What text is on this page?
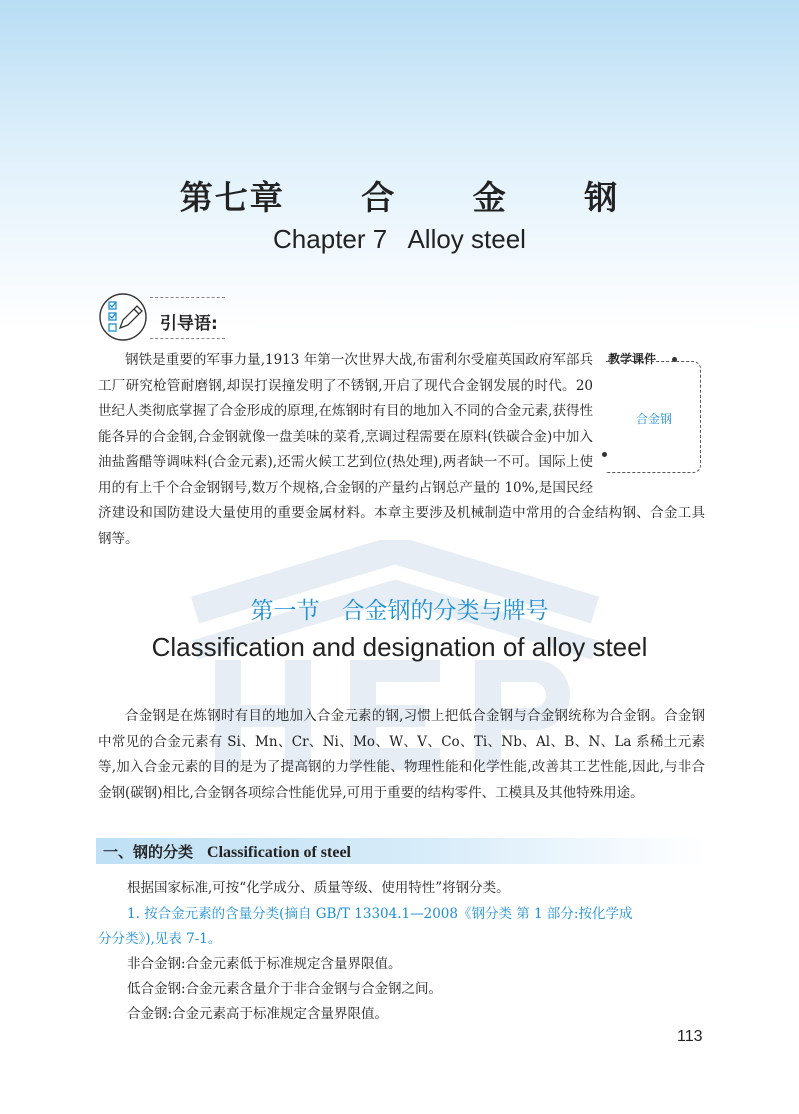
第七章   合   金   钢
Chapter 7   Alloy steel
引导语:

钢铁是重要的军事力量,1913 年第一次世界大战,布雷利尔受雇英国政府军部兵工厂研究枪管耐磨钢,却误打误撞发明了不锈钢,开启了现代合金钢发展的时代。20 世纪人类彻底掌握了合金形成的原理,在炼钢时有目的地加入不同的合金元素,获得性能各异的合金钢,合金钢就像一盘美味的菜肴,烹调过程需要在原料(铁碳合金)中加入油盐酱醋等调味料(合金元素),还需火候工艺到位(热处理),两者缺一不可。国际上使用的有上千个合金钢钢号,数万个规格,合金钢的产量约占钢总产量的 10%,是国民经济建设和国防建设大量使用的重要金属材料。本章主要涉及机械制造中常用的合金结构钢、合金工具钢等。

教学课件
合金钢
第一节   合金钢的分类与牌号
Classification and designation of alloy steel

合金钢是在炼钢时有目的地加入合金元素的钢,习惯上把低合金钢与合金钢统称为合金钢。合金钢中常见的合金元素有 Si、Mn、Cr、Ni、Mo、W、V、Co、Ti、Nb、Al、B、N、La 系稀土元素等,加入合金元素的目的是为了提高钢的力学性能、物理性能和化学性能,改善其工艺性能,因此,与非合金钢(碳钢)相比,合金钢各项综合性能优异,可用于重要的结构零件、工模具及其他特殊用途。

一、钢的分类 Classification of steel
根据国家标准,可按“化学成分、质量等级、使用特性”将钢分类。
1. 按合金元素的含量分类(摘自 GB/T 13304.1—2008《钢分类 第 1 部分:按化学成
分分类》),见表 7-1。
非合金钢:合金元素低于标准规定含量界限值。
低合金钢:合金元素含量介于非合金钢与合金钢之间。
合金钢:合金元素高于标准规定含量界限值。
113
